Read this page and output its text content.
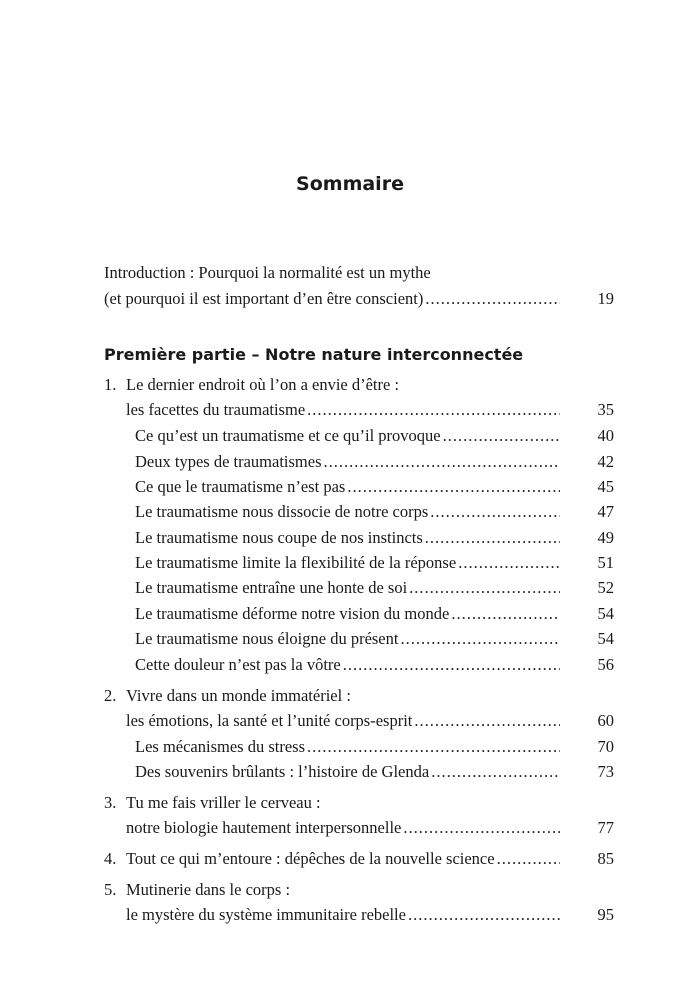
Sommaire
Introduction : Pourquoi la normalité est un mythe
(et pourquoi il est important d’en être conscient) .....	19
Première partie – Notre nature interconnectée
1. Le dernier endroit où l’on a envie d’être :
les facettes du traumatisme .....	35
Ce qu’est un traumatisme et ce qu’il provoque .....	40
Deux types de traumatismes .....	42
Ce que le traumatisme n’est pas .....	45
Le traumatisme nous dissocie de notre corps .....	47
Le traumatisme nous coupe de nos instincts .....	49
Le traumatisme limite la flexibilité de la réponse .....	51
Le traumatisme entraîne une honte de soi .....	52
Le traumatisme déforme notre vision du monde .....	54
Le traumatisme nous éloigne du présent .....	54
Cette douleur n’est pas la vôtre .....	56
2. Vivre dans un monde immatériel :
les émotions, la santé et l’unité corps-esprit .....	60
Les mécanismes du stress .....	70
Des souvenirs brûlants : l’histoire de Glenda .....	73
3. Tu me fais vriller le cerveau :
notre biologie hautement interpersonnelle .....	77
4. Tout ce qui m’entoure : dépêches de la nouvelle science .....	85
5. Mutinerie dans le corps :
le mystère du système immunitaire rebelle .....	95
